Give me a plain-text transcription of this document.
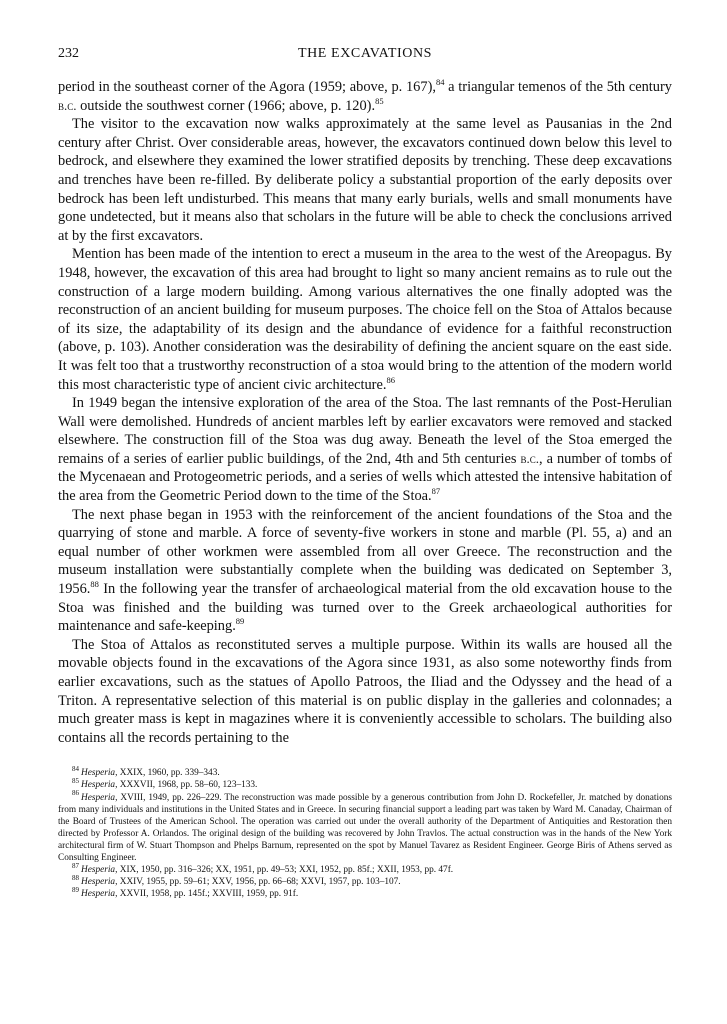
232	THE EXCAVATIONS

period in the southeast corner of the Agora (1959; above, p. 167),$^{84}$ a triangular temenos of the 5th century b.c. outside the southwest corner (1966; above, p. 120).$^{85}$

The visitor to the excavation now walks approximately at the same level as Pausanias in the 2nd century after Christ. Over considerable areas, however, the excavators continued down below this level to bedrock, and elsewhere they examined the lower stratified deposits by trenching. These deep excavations and trenches have been re-filled. By deliberate policy a substantial proportion of the early deposits over bedrock has been left undisturbed. This means that many early burials, wells and small monuments have gone undetected, but it means also that scholars in the future will be able to check the conclusions arrived at by the first excavators.

Mention has been made of the intention to erect a museum in the area to the west of the Areopagus. By 1948, however, the excavation of this area had brought to light so many ancient remains as to rule out the construction of a large modern building. Among various alternatives the one finally adopted was the reconstruction of an ancient building for museum purposes. The choice fell on the Stoa of Attalos because of its size, the adaptability of its design and the abundance of evidence for a faithful reconstruction (above, p. 103). Another consideration was the desirability of defining the ancient square on the east side. It was felt too that a trustworthy reconstruction of a stoa would bring to the attention of the modern world this most characteristic type of ancient civic architecture.$^{86}$

In 1949 began the intensive exploration of the area of the Stoa. The last remnants of the Post-Herulian Wall were demolished. Hundreds of ancient marbles left by earlier excavators were removed and stacked elsewhere. The construction fill of the Stoa was dug away. Beneath the level of the Stoa emerged the remains of a series of earlier public buildings, of the 2nd, 4th and 5th centuries b.c., a number of tombs of the Mycenaean and Protogeometric periods, and a series of wells which attested the intensive habitation of the area from the Geometric Period down to the time of the Stoa.$^{87}$

The next phase began in 1953 with the reinforcement of the ancient foundations of the Stoa and the quarrying of stone and marble. A force of seventy-five workers in stone and marble (Pl. 55, a) and an equal number of other workmen were assembled from all over Greece. The reconstruction and the museum installation were substantially complete when the building was dedicated on September 3, 1956.88 In the following year the transfer of archaeological material from the old excavation house to the Stoa was finished and the building was turned over to the Greek archaeological authorities for maintenance and safe-keeping.$^{89}$

The Stoa of Attalos as reconstituted serves a multiple purpose. Within its walls are housed all the movable objects found in the excavations of the Agora since 1931, as also some noteworthy finds from earlier excavations, such as the statues of Apollo Patroos, the Iliad and the Odyssey and the head of a Triton. A representative selection of this material is on public display in the galleries and colonnades; a much greater mass is kept in magazines where it is conveniently accessible to scholars. The building also contains all the records pertaining to the

$^{84}$ Hesperia, XXIX, 1960, pp. 339–343.

$^{85}$ Hesperia, XXXVII, 1968, pp. 58–60, 123–133.

$^{86}$ Hesperia, XVIII, 1949, pp. 226–229. The reconstruction was made possible by a generous contribution from John D. Rockefeller, Jr. matched by donations from many individuals and institutions in the United States and in Greece. In securing financial support a leading part was taken by Ward M. Canaday, Chairman of the Board of Trustees of the American School. The operation was carried out under the overall authority of the Department of Antiquities and Restoration then directed by Professor A. Orlandos. The original design of the building was recovered by John Travlos. The actual construction was in the hands of the New York architectural firm of W. Stuart Thompson and Phelps Barnum, represented on the spot by Manuel Tavarez as Resident Engineer. George Biris of Athens served as Consulting Engineer.

$^{87}$ Hesperia, XIX, 1950, pp. 316–326; XX, 1951, pp. 49–53; XXI, 1952, pp. 85f.; XXII, 1953, pp. 47f.

$^{88}$ Hesperia, XXIV, 1955, pp. 59–61; XXV, 1956, pp. 66–68; XXVI, 1957, pp. 103–107.

$^{89}$ Hesperia, XXVII, 1958, pp. 145f.; XXVIII, 1959, pp. 91f.
